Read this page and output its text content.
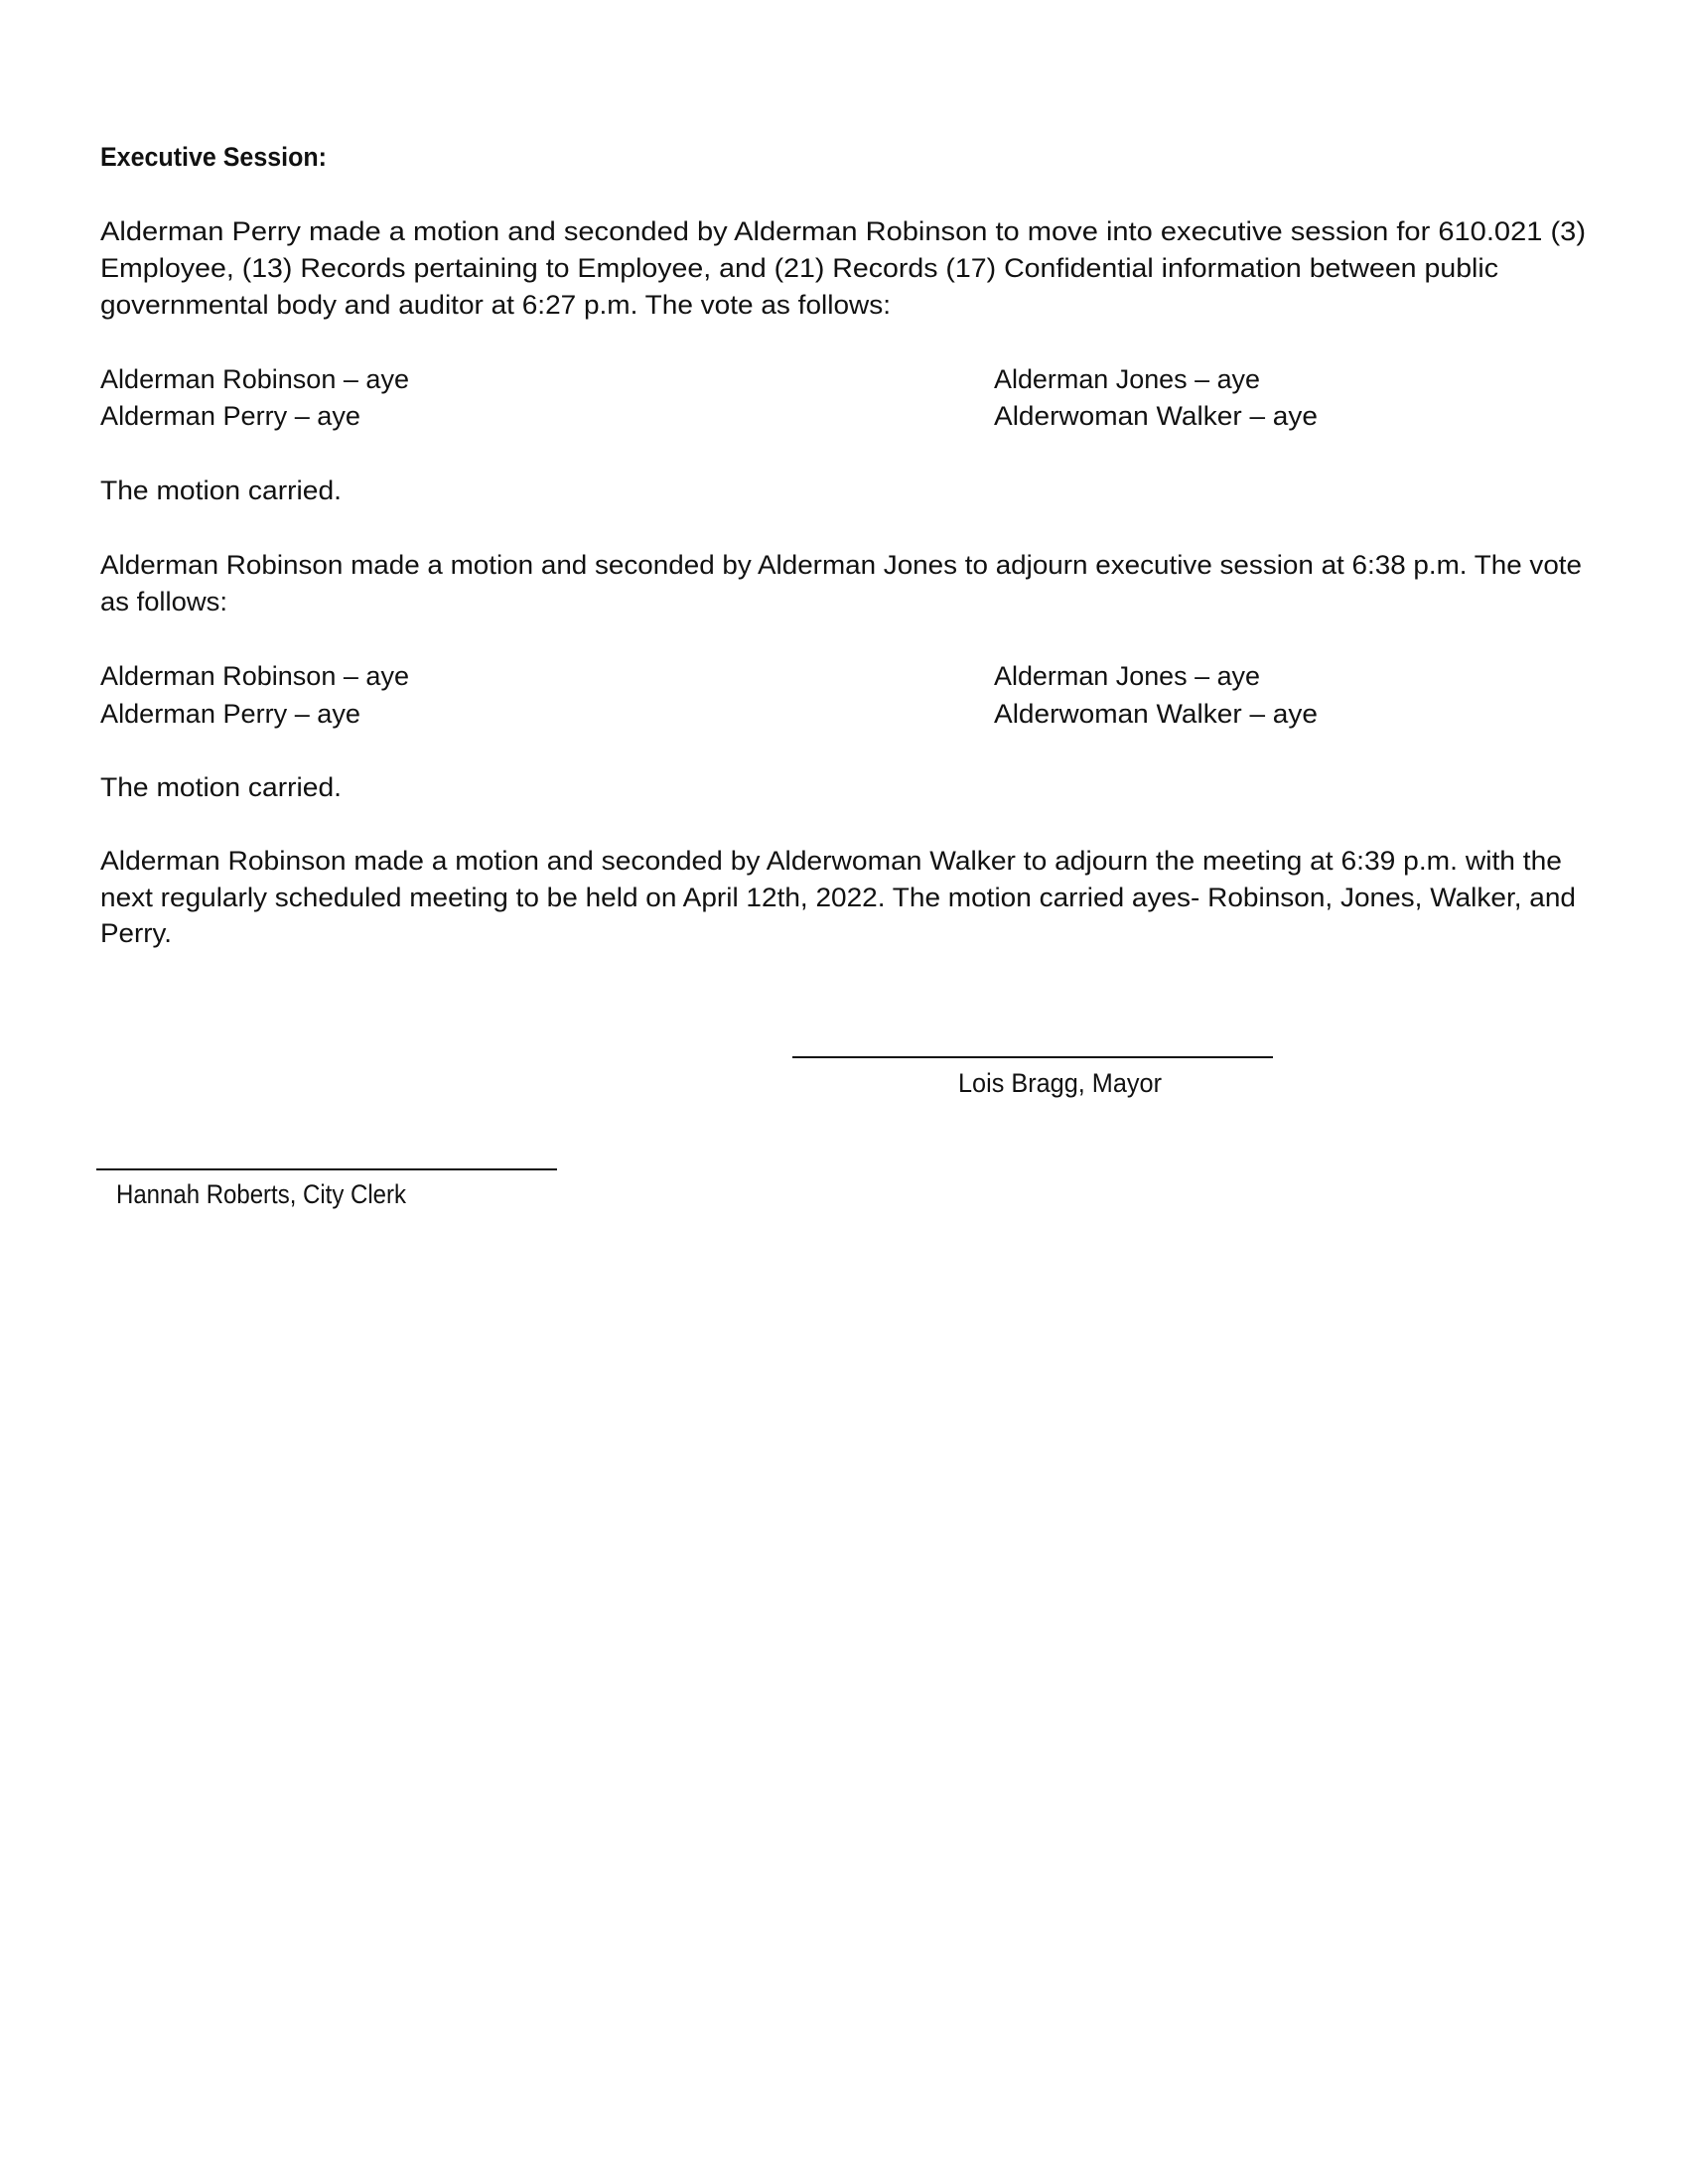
Executive Session:
Alderman Perry made a motion and seconded by Alderman Robinson to move into executive session for 610.021 (3)
Employee, (13) Records pertaining to Employee, and (21) Records (17) Confidential information between public
governmental body and auditor at 6:27 p.m. The vote as follows:
Alderman Robinson – aye
Alderman Perry – aye
Alderman Jones – aye
Alderwoman Walker – aye
The motion carried.
Alderman Robinson made a motion and seconded by Alderman Jones to adjourn executive session at 6:38 p.m. The vote
as follows:
Alderman Robinson – aye
Alderman Perry – aye
Alderman Jones – aye
Alderwoman Walker – aye
The motion carried.
Alderman Robinson made a motion and seconded by Alderwoman Walker to adjourn the meeting at 6:39 p.m. with the
next regularly scheduled meeting to be held on April 12th, 2022. The motion carried ayes- Robinson, Jones, Walker, and
Perry.
Lois Bragg, Mayor
Hannah Roberts, City Clerk
